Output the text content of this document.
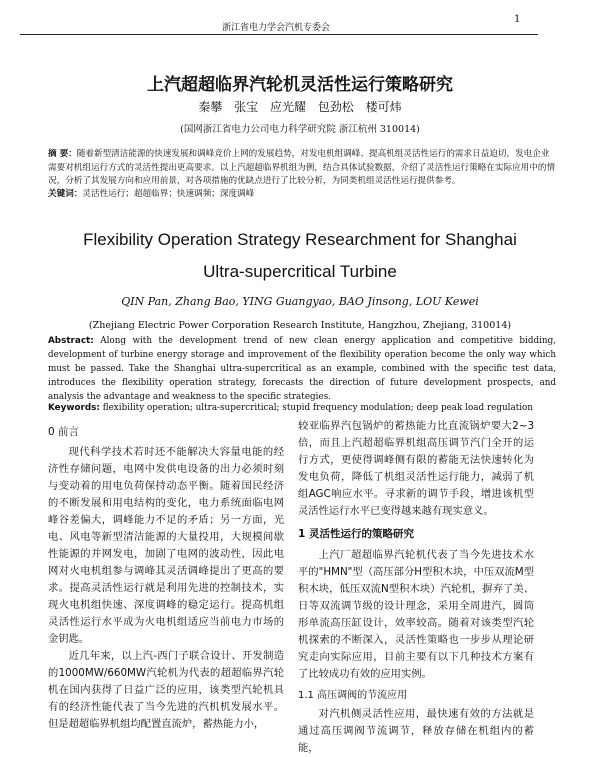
1
浙江省电力学会汽机专委会
上汽超超临界汽轮机灵活性运行策略研究
秦攀 张宝 应光耀 包劲松 楼可炜
(国网浙江省电力公司电力科学研究院 浙江杭州 310014)
摘 要：随着新型清洁能源的快速发展和调峰竞价上网的发展趋势，对发电机组调峰、提高机组灵活性运行的需求日益迫切，发电企业需要对机组运行方式的灵活性提出更高要求。以上汽超超临界机组为例，结合具体试验数据，介绍了灵活性运行策略在实际应用中的情况，分析了其发展方向和应用前景，对各项措施的优缺点进行了比较分析，为同类机组灵活性运行提供参考。
关键词：灵活性运行；超超临界；快速调频；深度调峰
Flexibility Operation Strategy Researchment for Shanghai
Ultra-supercritical Turbine
QIN Pan, Zhang Bao, YING Guangyao, BAO Jinsong, LOU Kewei
(Zhejiang Electric Power Corporation Research Institute, Hangzhou, Zhejiang, 310014)
Abstract: Along with the development trend of new clean energy application and competitive bidding, development of turbine energy storage and improvement of the flexibility operation become the only way which must be passed. Take the Shanghai ultra-supercritical as an example, combined with the specific test data, introduces the flexibility operation strategy, forecasts the direction of future development prospects, and analysis the advantage and weakness to the specific strategies.
Keywords: flexibility operation; ultra-supercritical; stupid frequency modulation; deep peak load regulation
0 前言

现代科学技术若时还不能解决大容量电能的经济性存储问题，电网中发供电设备的出力必须时刻与变动着的用电负荷保持动态平衡。随着国民经济的不断发展和用电结构的变化，电力系统面临电网峰谷差偏大，调峰能力不足的矛盾；另一方面，光电、风电等新型清洁能源的大量投用，大规模间歇性能源的并网发电，加剧了电网的波动性，因此电网对火电机组参与调峰其灵活调峰提出了更高的要求。提高灵活性运行就是利用先进的控制技术，实现火电机组快速、深度调峰的稳定运行。提高机组灵活性运行水平成为火电机组适应当前电力市场的金钥匙。

近几年来，以上汽-西门子联合设计、开发制造的1000MW/660MW汽轮机为代表的超超临界汽轮机在国内获得了日益广泛的应用，该类型汽轮机具有的经济性能代表了当今先进的汽机机发展水平。但是超超临界机组均配置直流炉，蓄热能力小，

较亚临界汽包锅炉的蓄热能力比直流锅炉要大2~3倍，而且上汽超超临界机组高压调节汽门全开的运行方式，更使得调峰侧有限的蓄能无法快速转化为发电负荷，降低了机组灵活性运行能力，减弱了机组AGC响应水平。寻求新的调节手段，增进该机型灵活性运行水平已变得越来越有现实意义。

1 灵活性运行的策略研究

上汽厂超超临界汽轮机代表了当今先进技术水平的"HMN"型（高压部分H型积木块，中压双流M型积木块，低压双流N型积木块）汽轮机，摒弃了美、日等双流调节级的设计理念，采用全周进汽，圆筒形单流高压缸设计，效率较高。随着对该类型汽轮机探索的不断深入，灵活性策略也一步步从理论研究走向实际应用，目前主要有以下几种技术方案有了比较成功有效的应用实例。

1.1 高压调阀的节流应用

对汽机侧灵活性应用，最快速有效的方法就是通过高压调阀节流调节，释放存储在机组内的蓄能，
